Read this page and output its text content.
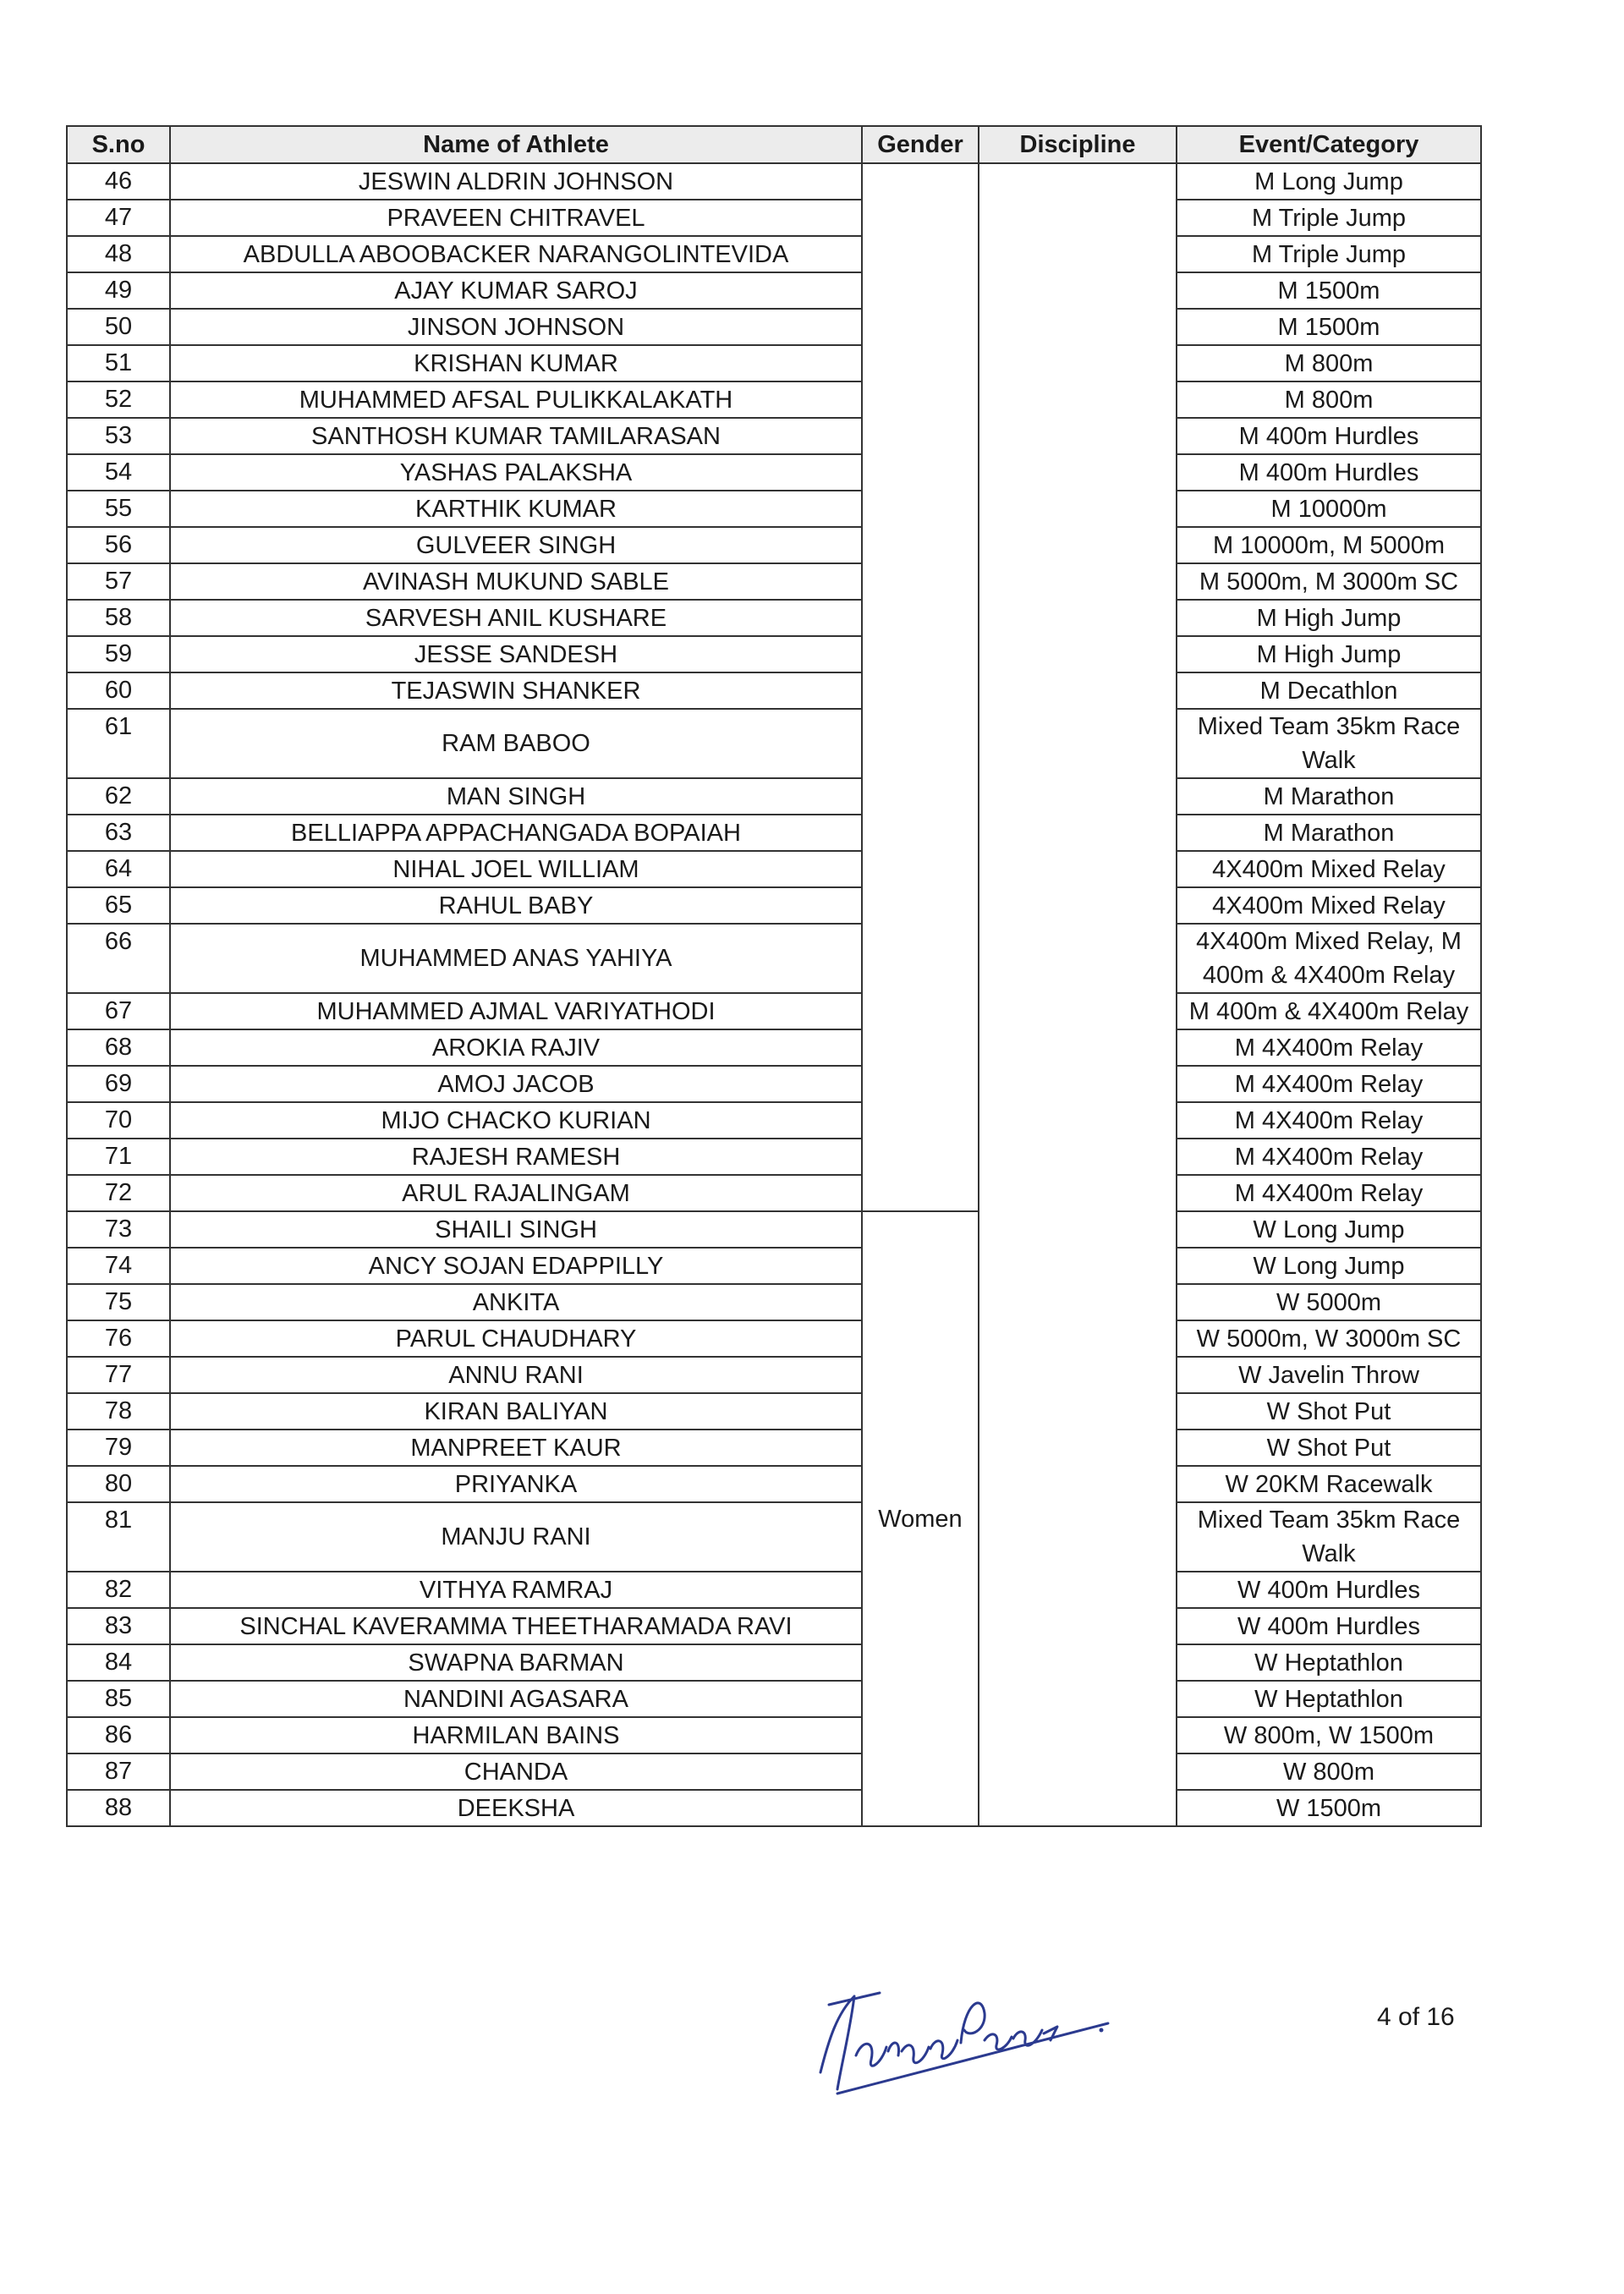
S.no	Name of Athlete	Gender	Discipline	Event/Category
46	JESWIN ALDRIN JOHNSON			M Long Jump
47	PRAVEEN CHITRAVEL			M Triple Jump
48	ABDULLA ABOOBACKER NARANGOLINTEVIDA			M Triple Jump
49	AJAY KUMAR SAROJ			M 1500m
50	JINSON JOHNSON			M 1500m
51	KRISHAN KUMAR			M 800m
52	MUHAMMED AFSAL PULIKKALAKATH			M 800m
53	SANTHOSH KUMAR TAMILARASAN			M 400m Hurdles
54	YASHAS PALAKSHA			M 400m Hurdles
55	KARTHIK KUMAR			M 10000m
56	GULVEER SINGH			M 10000m, M 5000m
57	AVINASH MUKUND SABLE			M 5000m, M 3000m SC
58	SARVESH ANIL KUSHARE			M High Jump
59	JESSE SANDESH			M High Jump
60	TEJASWIN SHANKER			M Decathlon
61	RAM BABOO			Mixed Team 35km Race Walk
62	MAN SINGH			M Marathon
63	BELLIAPPA APPACHANGADA BOPAIAH			M Marathon
64	NIHAL JOEL WILLIAM			4X400m Mixed Relay
65	RAHUL BABY			4X400m Mixed Relay
66	MUHAMMED ANAS YAHIYA			4X400m Mixed Relay, M 400m & 4X400m Relay
67	MUHAMMED AJMAL VARIYATHODI			M 400m & 4X400m Relay
68	AROKIA RAJIV			M 4X400m Relay
69	AMOJ JACOB			M 4X400m Relay
70	MIJO CHACKO KURIAN			M 4X400m Relay
71	RAJESH RAMESH			M 4X400m Relay
72	ARUL RAJALINGAM			M 4X400m Relay
73	SHAILI SINGH	Women		W Long Jump
74	ANCY SOJAN EDAPPILLY			W Long Jump
75	ANKITA			W 5000m
76	PARUL CHAUDHARY			W 5000m, W 3000m SC
77	ANNU RANI			W Javelin Throw
78	KIRAN BALIYAN			W Shot Put
79	MANPREET KAUR			W Shot Put
80	PRIYANKA			W 20KM Racewalk
81	MANJU RANI			Mixed Team 35km Race Walk
82	VITHYA RAMRAJ			W 400m Hurdles
83	SINCHAL KAVERAMMA THEETHARAMADA RAVI			W 400m Hurdles
84	SWAPNA BARMAN			W Heptathlon
85	NANDINI AGASARA			W Heptathlon
86	HARMILAN BAINS			W 800m, W 1500m
87	CHANDA			W 800m
88	DEEKSHA			W 1500m
4 of 16
